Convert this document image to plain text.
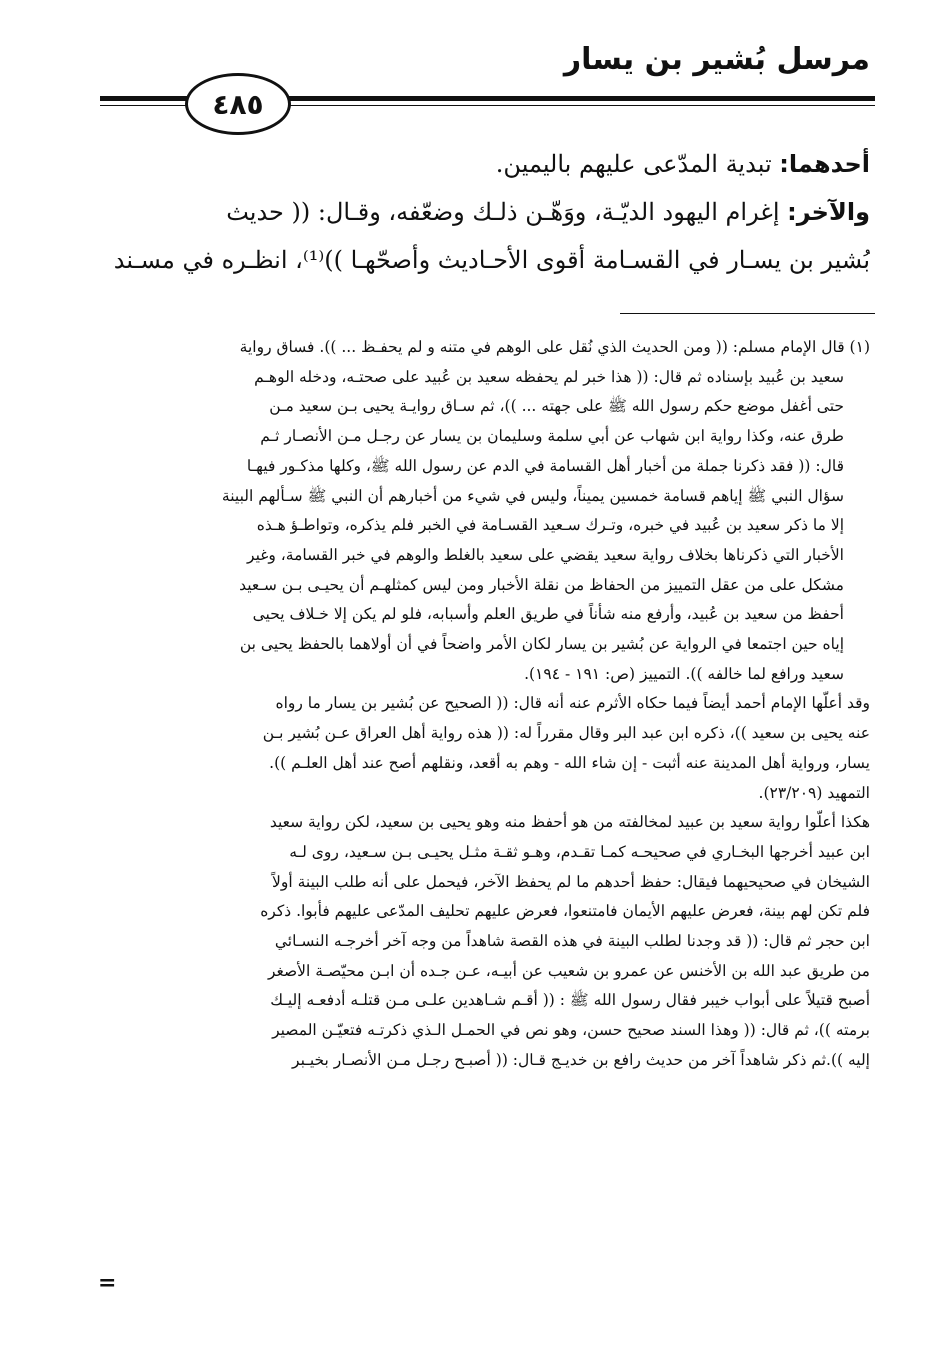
مرسل بُشير بن يسار
٤٨٥

أحدهما: تبدية المدّعى عليهم باليمين.

والآخر: إغرام اليهود الديّـة، ووَهّـن ذلـك وضعّفه، وقـال: (( حديث

بُشير بن يسـار في القسـامة أقوى الأحـاديث وأصحّهـا ))⁽¹⁾، انظـره في مسـند

(١) قال الإمام مسلم: (( ومن الحديث الذي نُقل على الوهم في متنه و لم يحفـظ ... )). فساق رواية

سعيد بن عُبيد بإسناده ثم قال: (( هذا خبر لم يحفظه سعيد بن عُبيد على صحتـه، ودخله الوهـم

حتى أغفل موضع حكم رسول الله ﷺ على جهته ... ))، ثم سـاق روايـة يحيى بـن سعيد مـن

طرق عنه، وكذا رواية ابن شهاب عن أبي سلمة وسليمان بن يسار عن رجـل مـن الأنصـار ثـم

قال: (( فقد ذكرنا جملة من أخبار أهل القسامة في الدم عن رسول الله ﷺ، وكلها مذكـور فيهـا

سؤال النبي ﷺ إياهم قسامة خمسين يميناً، وليس في شيء من أخبارهم أن النبي ﷺ سـألهم البينة

إلا ما ذكر سعيد بن عُبيد في خبره، وتـرك سـعيد القسـامة في الخبر فلم يذكره، وتواطـؤ هـذه

الأخبار التي ذكرناها بخلاف رواية سعيد يقضي على سعيد بالغلط والوهم في خبر القسامة، وغير

مشكل على من عقل التمييز من الحفاظ من نقلة الأخبار ومن ليس كمثلهـم أن يحيـى بـن سـعيد

أحفظ من سعيد بن عُبيد، وأرفع منه شأناً في طريق العلم وأسبابه، فلو لم يكن إلا خـلاف يحيى

إياه حين اجتمعا في الرواية عن بُشير بن يسار لكان الأمر واضحاً في أن أولاهما بالحفظ يحيى بن

سعيد ورافع لما خالفه )). التمييز (ص: ١٩١ - ١٩٤).

وقد أعلّها الإمام أحمد أيضاً فيما حكاه الأثرم عنه أنه قال: (( الصحيح عن بُشير بن يسار ما رواه

عنه يحيى بن سعيد ))، ذكره ابن عبد البر وقال مقرراً له: (( هذه رواية أهل العراق عـن بُشير بـن

يسار، ورواية أهل المدينة عنه أثبت - إن شاء الله - وهم به أقعد، ونقلهم أصح عند أهل العلـم )).

التمهيد (٢٣/٢٠٩).

هكذا أعلّوا رواية سعيد بن عبيد لمخالفته من هو أحفظ منه وهو يحيى بن سعيد، لكن رواية سعيد

ابن عبيد أخرجها البخـاري في صحيحـه كمـا تقـدم، وهـو ثقـة مثـل يحيـى بـن سـعيد، روى لـه

الشيخان في صحيحيهما فيقال: حفظ أحدهم ما لم يحفظ الآخر، فيحمل على أنه طلب البينة أولاً

فلم تكن لهم بينة، فعرض عليهم الأيمان فامتنعوا، فعرض عليهم تحليف المدّعى عليهم فأبوا. ذكره

ابن حجر ثم قال: (( قد وجدنا لطلب البينة في هذه القصة شاهداً من وجه آخر أخرجـه النسـائي

من طريق عبد الله بن الأخنس عن عمرو بن شعيب عن أبيـه، عـن جـده أن ابـن محيّصـة الأصغر

أصبح قتيلاً على أبواب خيبر فقال رسول الله ﷺ : (( أقـم شـاهدين علـى مـن قتلـه أدفعـه إليـك

برمته ))، ثم قال: (( وهذا السند صحيح حسن، وهو نص في الحمـل الـذي ذكرتـه فتعيّـن المصير

إليه )).ثم ذكر شاهداً آخر من حديث رافع بن خديـج قـال: (( أصبـح رجـل مـن الأنصـار بخيـبر

=
